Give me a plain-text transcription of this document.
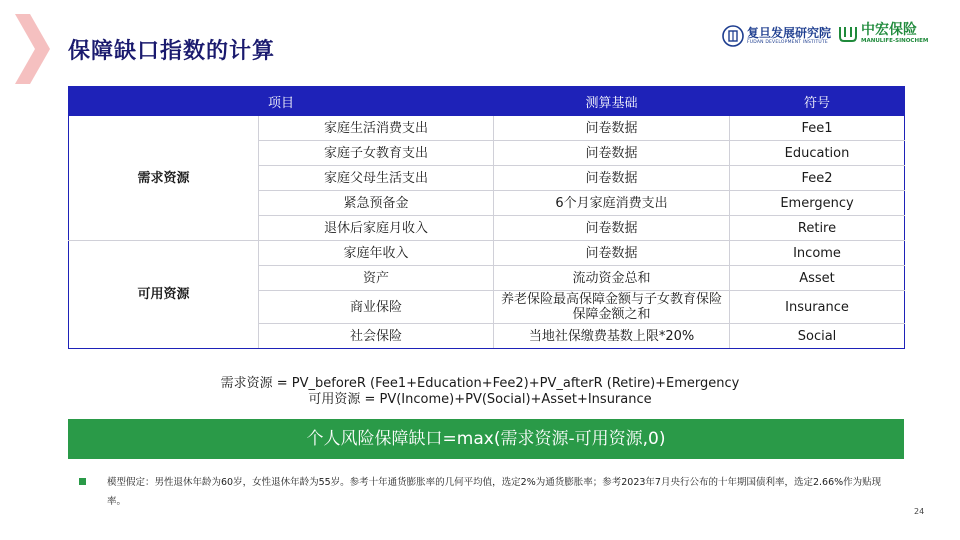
保障缺口指数的计算
复旦发展研究院
FUDAN DEVELOPMENT INSTITUTE
中宏保险
MANULIFE-SINOCHEM
项目		测算基础	符号
需求资源	家庭生活消费支出	问卷数据	Fee1
	家庭子女教育支出	问卷数据	Education
	家庭父母生活支出	问卷数据	Fee2
	紧急预备金	6个月家庭消费支出	Emergency
	退休后家庭月收入	问卷数据	Retire
可用资源	家庭年收入	问卷数据	Income
	资产	流动资金总和	Asset
	商业保险	养老保险最高保障金额与子女教育保险保障金额之和	Insurance
	社会保险	当地社保缴费基数上限*20%	Social
需求资源 = PV_beforeR (Fee1+Education+Fee2)+PV_afterR (Retire)+Emergency
可用资源 = PV(Income)+PV(Social)+Asset+Insurance
个人风险保障缺口=max(需求资源-可用资源,0)
模型假定：男性退休年龄为60岁，女性退休年龄为55岁。参考十年通货膨胀率的几何平均值，选定2%为通货膨胀率；参考2023年7月央行公布的十年期国债利率，选定2.66%作为贴现率。
24
